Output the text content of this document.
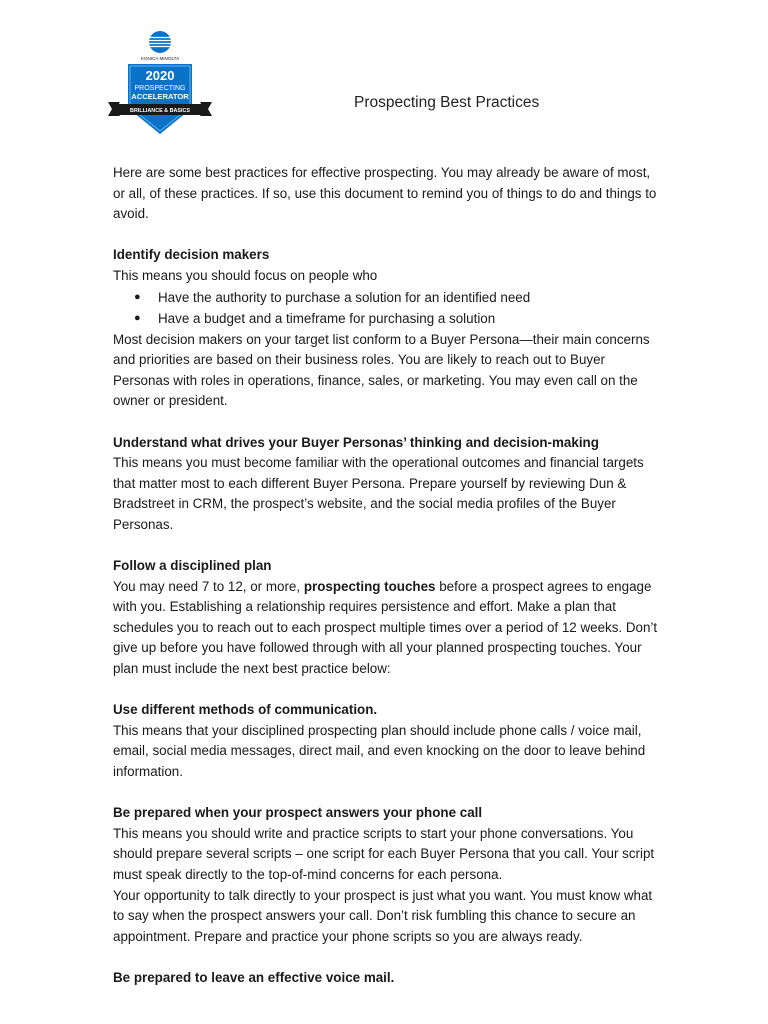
KONICA MINOLTA
2020
PROSPECTING
ACCELERATOR
BRILLIANCE & BASICS	Prospecting Best Practices

Here are some best practices for effective prospecting. You may already be aware of most, or all, of these practices. If so, use this document to remind you of things to do and things to avoid.

Identify decision makers

This means you should focus on people who

● Have the authority to purchase a solution for an identified need
● Have a budget and a timeframe for purchasing a solution

Most decision makers on your target list conform to a Buyer Persona—their main concerns and priorities are based on their business roles. You are likely to reach out to Buyer Personas with roles in operations, finance, sales, or marketing. You may even call on the owner or president.

Understand what drives your Buyer Personas’ thinking and decision-making

This means you must become familiar with the operational outcomes and financial targets that matter most to each different Buyer Persona. Prepare yourself by reviewing Dun & Bradstreet in CRM, the prospect’s website, and the social media profiles of the Buyer Personas.

Follow a disciplined plan

You may need 7 to 12, or more, prospecting touches before a prospect agrees to engage with you. Establishing a relationship requires persistence and effort. Make a plan that schedules you to reach out to each prospect multiple times over a period of 12 weeks. Don’t give up before you have followed through with all your planned prospecting touches. Your plan must include the next best practice below:

Use different methods of communication.

This means that your disciplined prospecting plan should include phone calls / voice mail, email, social media messages, direct mail, and even knocking on the door to leave behind information.

Be prepared when your prospect answers your phone call

This means you should write and practice scripts to start your phone conversations. You should prepare several scripts – one script for each Buyer Persona that you call. Your script must speak directly to the top-of-mind concerns for each persona.

Your opportunity to talk directly to your prospect is just what you want. You must know what to say when the prospect answers your call. Don’t risk fumbling this chance to secure an appointment. Prepare and practice your phone scripts so you are always ready.

Be prepared to leave an effective voice mail.
